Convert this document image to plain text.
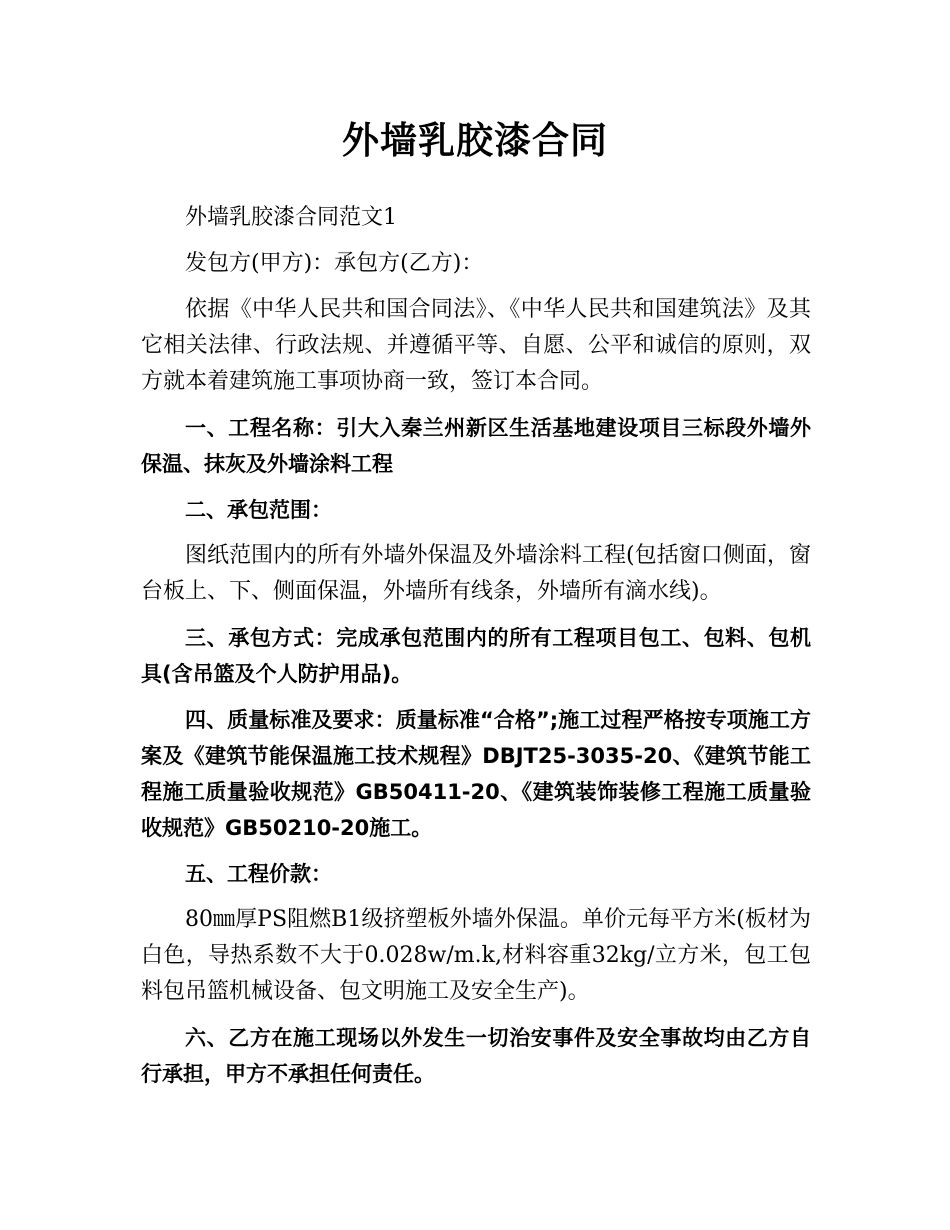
外墙乳胶漆合同

外墙乳胶漆合同范文1

发包方(甲方)：承包方(乙方)：

依据《中华人民共和国合同法》、《中华人民共和国建筑法》及其它相关法律、行政法规、并遵循平等、自愿、公平和诚信的原则，双方就本着建筑施工事项协商一致，签订本合同。

一、工程名称：引大入秦兰州新区生活基地建设项目三标段外墙外保温、抹灰及外墙涂料工程

二、承包范围：

图纸范围内的所有外墙外保温及外墙涂料工程(包括窗口侧面，窗台板上、下、侧面保温，外墙所有线条，外墙所有滴水线)。

三、承包方式：完成承包范围内的所有工程项目包工、包料、包机具(含吊篮及个人防护用品)。

四、质量标准及要求：质量标准“合格”;施工过程严格按专项施工方案及《建筑节能保温施工技术规程》DBJT25-3035-20、《建筑节能工程施工质量验收规范》GB50411-20、《建筑装饰装修工程施工质量验收规范》GB50210-20施工。

五、工程价款：

80㎜厚PS阻燃B1级挤塑板外墙外保温。单价元每平方米(板材为白色，导热系数不大于0.028w/m.k,材料容重32kg/立方米，包工包料包吊篮机械设备、包文明施工及安全生产)。

六、乙方在施工现场以外发生一切治安事件及安全事故均由乙方自行承担，甲方不承担任何责任。
